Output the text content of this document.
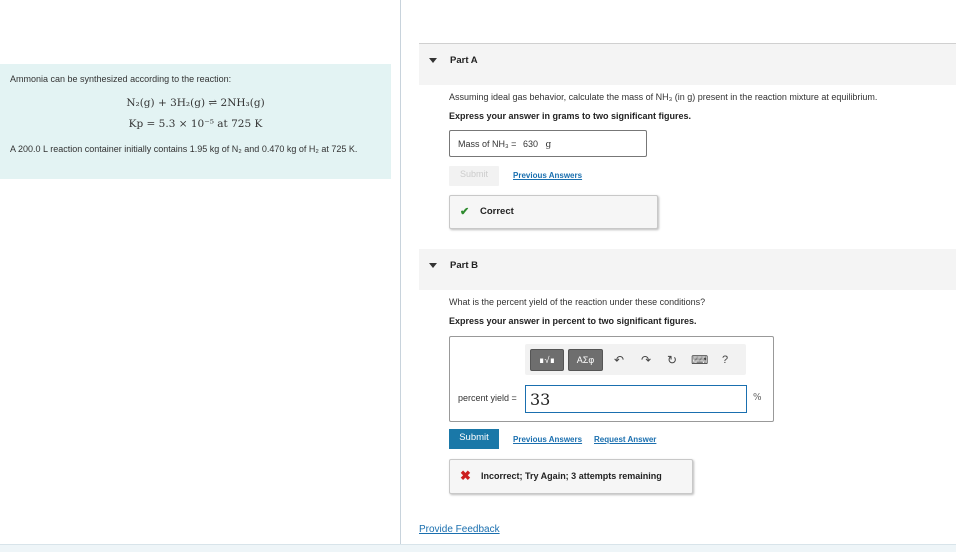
Ammonia can be synthesized according to the reaction:
N₂(g) + 3H₂(g) ⇌ 2NH₃(g)
Kp = 5.3 × 10⁻⁵ at 725 K
A 200.0 L reaction container initially contains 1.95 kg of N₂ and 0.470 kg of H₂ at 725 K.
Part A
Assuming ideal gas behavior, calculate the mass of NH₃ (in g) present in the reaction mixture at equilibrium.
Express your answer in grams to two significant figures.
Mass of NH₃ = 630 g
Submit	Previous Answers
✔ Correct
Part B
What is the percent yield of the reaction under these conditions?
Express your answer in percent to two significant figures.
∎√∎	ΑΣφ	↶ ↷ ↻ ⌨	?
percent yield = 33	%
Submit	Previous Answers Request Answer
✖ Incorrect; Try Again; 3 attempts remaining
Provide Feedback
